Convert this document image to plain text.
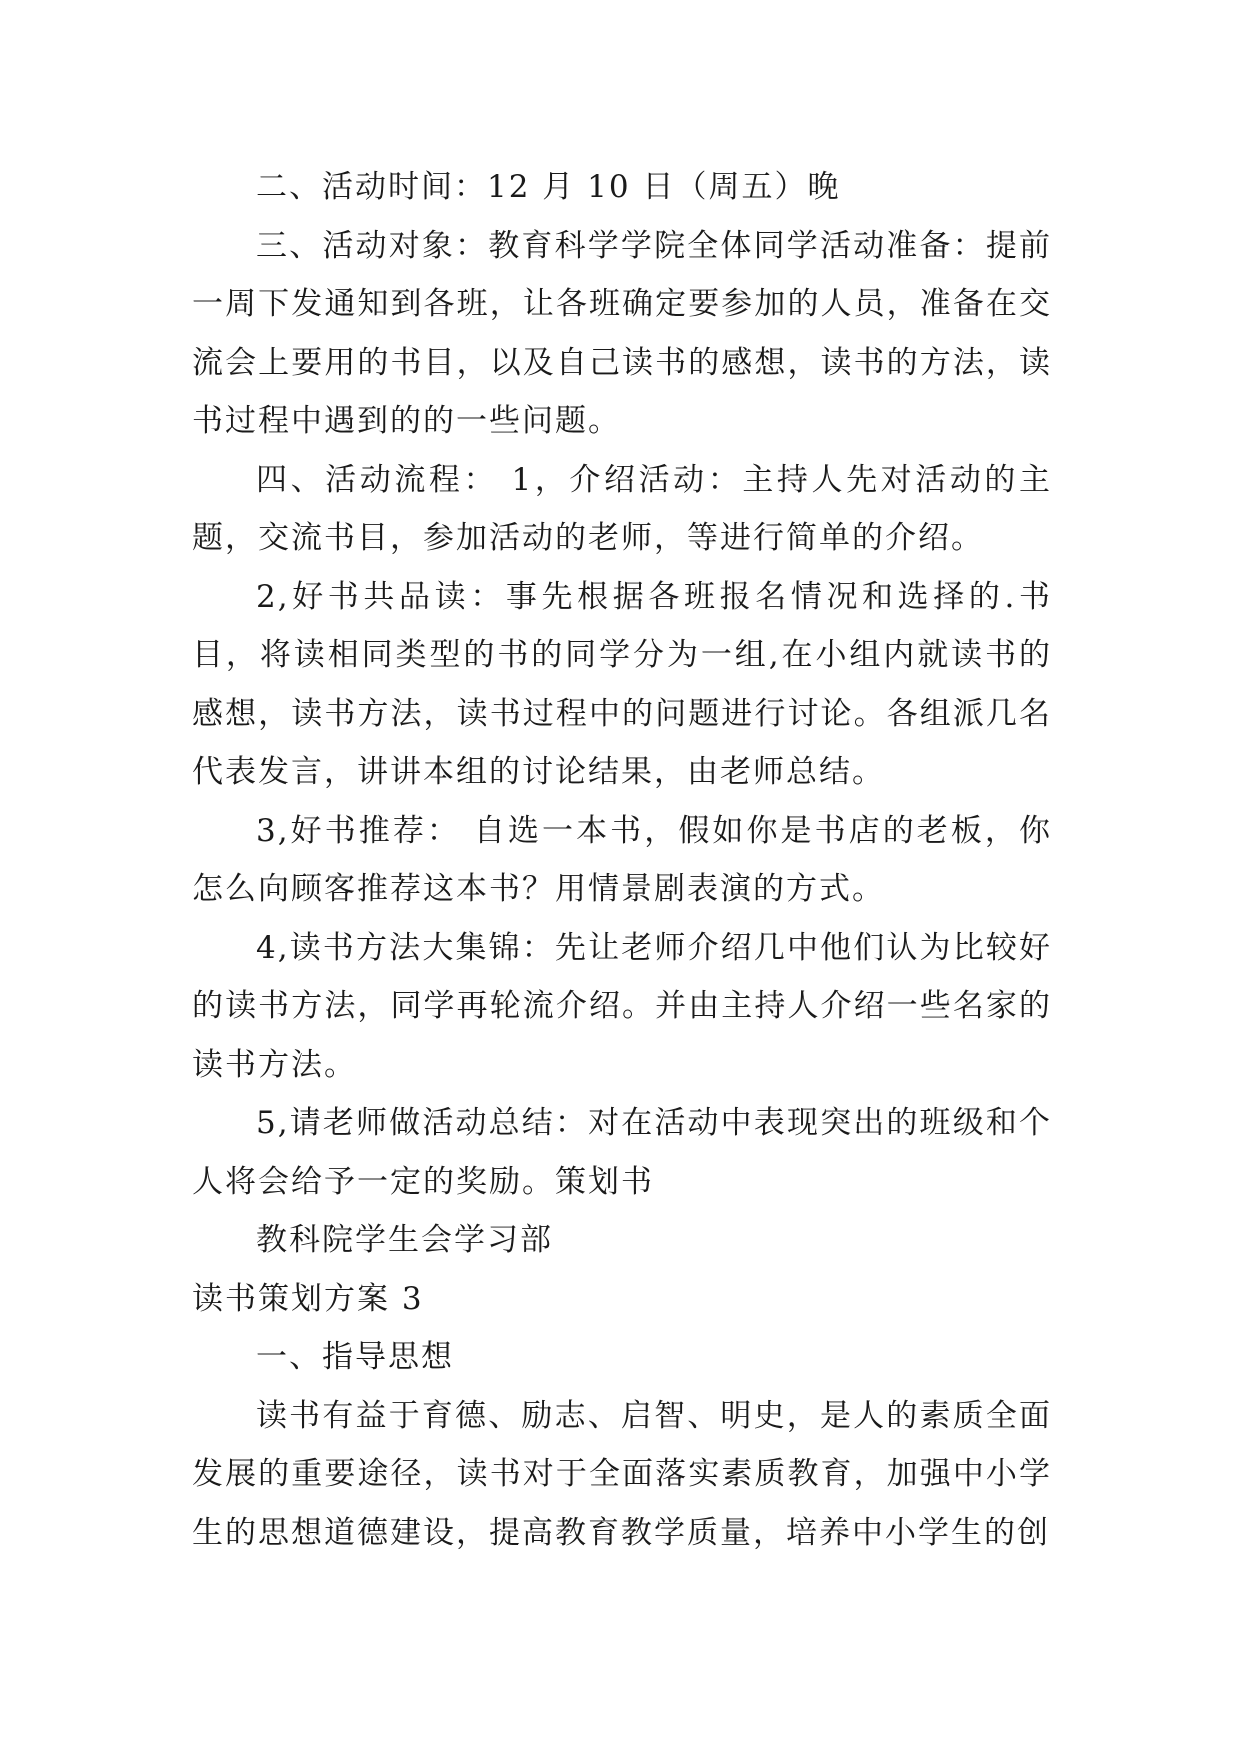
二、活动时间：12 月 10 日（周五）晚

三、活动对象：教育科学学院全体同学活动准备：提前一周下发通知到各班，让各班确定要参加的人员，准备在交流会上要用的书目，以及自己读书的感想，读书的方法，读书过程中遇到的的一些问题。

四、活动流程： 1，介绍活动：主持人先对活动的主题，交流书目，参加活动的老师，等进行简单的介绍。

2,好书共品读：事先根据各班报名情况和选择的.书目，将读相同类型的书的同学分为一组,在小组内就读书的感想，读书方法，读书过程中的问题进行讨论。各组派几名代表发言，讲讲本组的讨论结果，由老师总结。

3,好书推荐： 自选一本书，假如你是书店的老板，你怎么向顾客推荐这本书？用情景剧表演的方式。

4,读书方法大集锦：先让老师介绍几中他们认为比较好的读书方法，同学再轮流介绍。并由主持人介绍一些名家的读书方法。

5,请老师做活动总结：对在活动中表现突出的班级和个人将会给予一定的奖励。策划书

教科院学生会学习部

读书策划方案 3

一、指导思想

读书有益于育德、励志、启智、明史，是人的素质全面发展的重要途径，读书对于全面落实素质教育，加强中小学生的思想道德建设，提高教育教学质量，培养中小学生的创
